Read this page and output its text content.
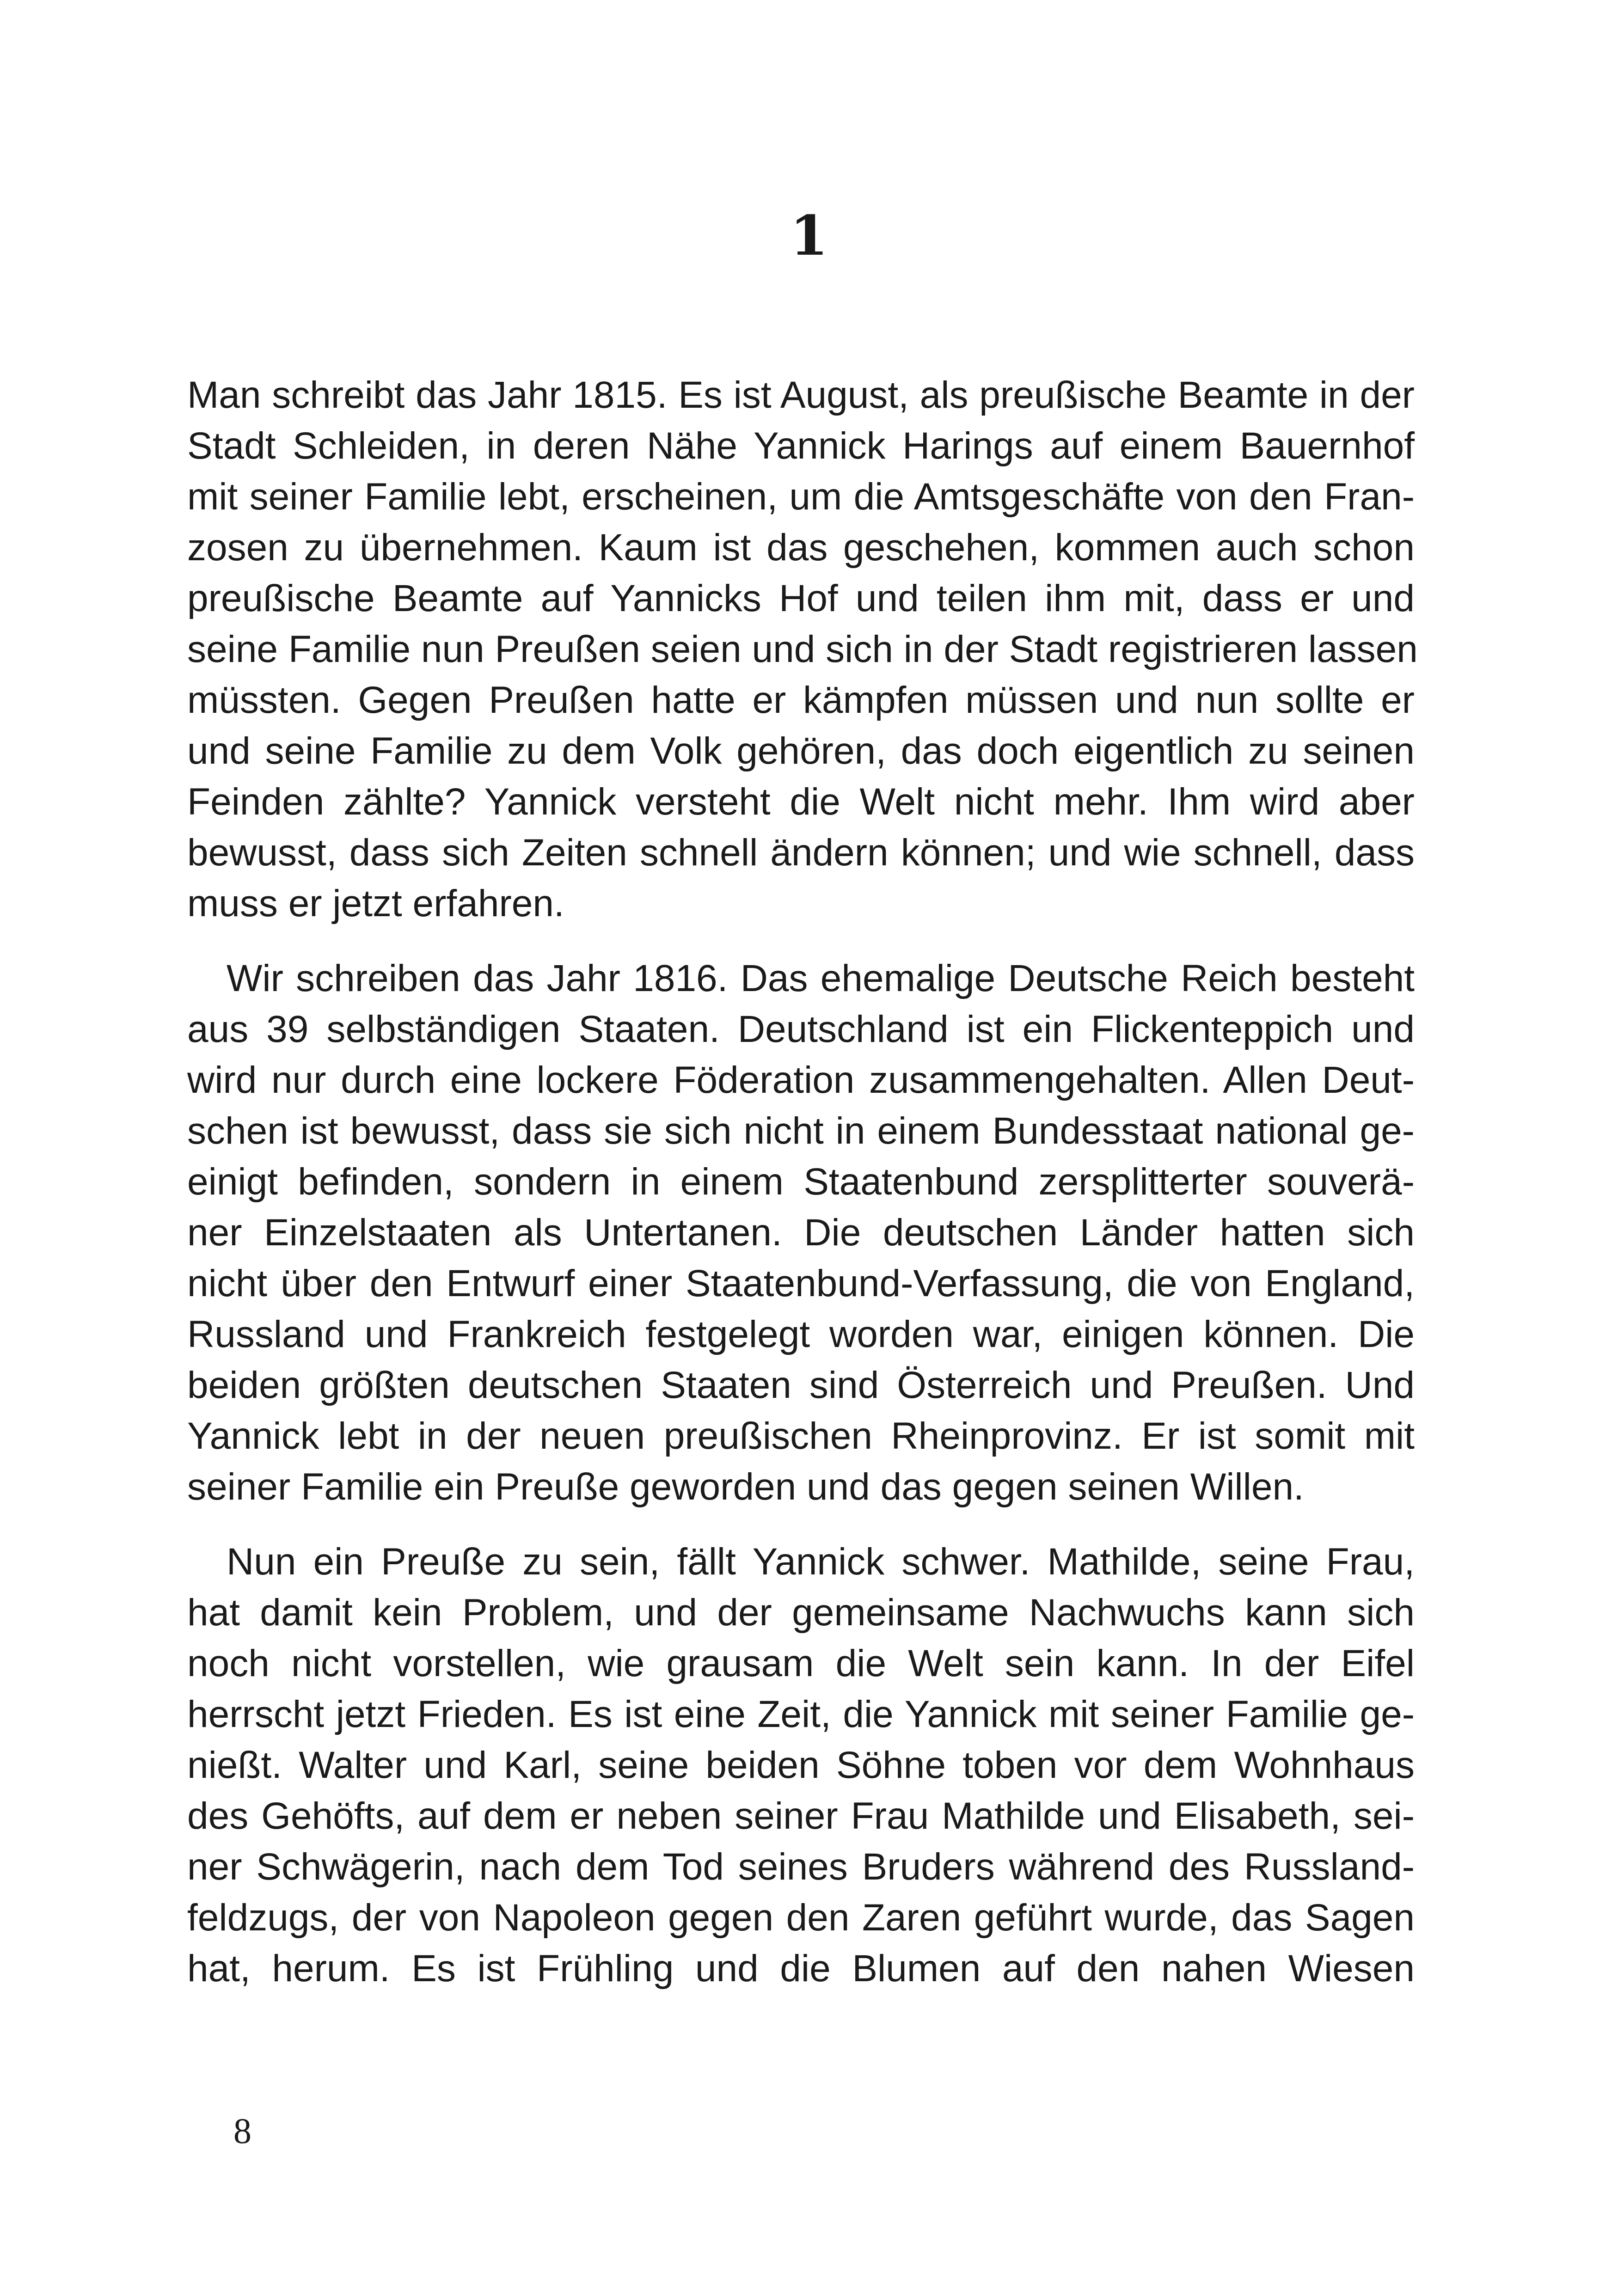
1

Man schreibt das Jahr 1815. Es ist August, als preußische Beamte in der
Stadt Schleiden, in deren Nähe Yannick Harings auf einem Bauernhof
mit seiner Familie lebt, erscheinen, um die Amtsgeschäfte von den Fran-
zosen zu übernehmen. Kaum ist das geschehen, kommen auch schon
preußische Beamte auf Yannicks Hof und teilen ihm mit, dass er und
seine Familie nun Preußen seien und sich in der Stadt registrieren lassen
müssten. Gegen Preußen hatte er kämpfen müssen und nun sollte er
und seine Familie zu dem Volk gehören, das doch eigentlich zu seinen
Feinden zählte? Yannick versteht die Welt nicht mehr. Ihm wird aber
bewusst, dass sich Zeiten schnell ändern können; und wie schnell, dass
muss er jetzt erfahren.

Wir schreiben das Jahr 1816. Das ehemalige Deutsche Reich besteht
aus 39 selbständigen Staaten. Deutschland ist ein Flickenteppich und
wird nur durch eine lockere Föderation zusammengehalten. Allen Deut-
schen ist bewusst, dass sie sich nicht in einem Bundesstaat national ge-
einigt befinden, sondern in einem Staatenbund zersplitterter souverä-
ner Einzelstaaten als Untertanen. Die deutschen Länder hatten sich
nicht über den Entwurf einer Staatenbund-Verfassung, die von England,
Russland und Frankreich festgelegt worden war, einigen können. Die
beiden größten deutschen Staaten sind Österreich und Preußen. Und
Yannick lebt in der neuen preußischen Rheinprovinz. Er ist somit mit
seiner Familie ein Preuße geworden und das gegen seinen Willen.

Nun ein Preuße zu sein, fällt Yannick schwer. Mathilde, seine Frau,
hat damit kein Problem, und der gemeinsame Nachwuchs kann sich
noch nicht vorstellen, wie grausam die Welt sein kann. In der Eifel
herrscht jetzt Frieden. Es ist eine Zeit, die Yannick mit seiner Familie ge-
nießt. Walter und Karl, seine beiden Söhne toben vor dem Wohnhaus
des Gehöfts, auf dem er neben seiner Frau Mathilde und Elisabeth, sei-
ner Schwägerin, nach dem Tod seines Bruders während des Russland-
feldzugs, der von Napoleon gegen den Zaren geführt wurde, das Sagen
hat, herum. Es ist Frühling und die Blumen auf den nahen Wiesen

8
